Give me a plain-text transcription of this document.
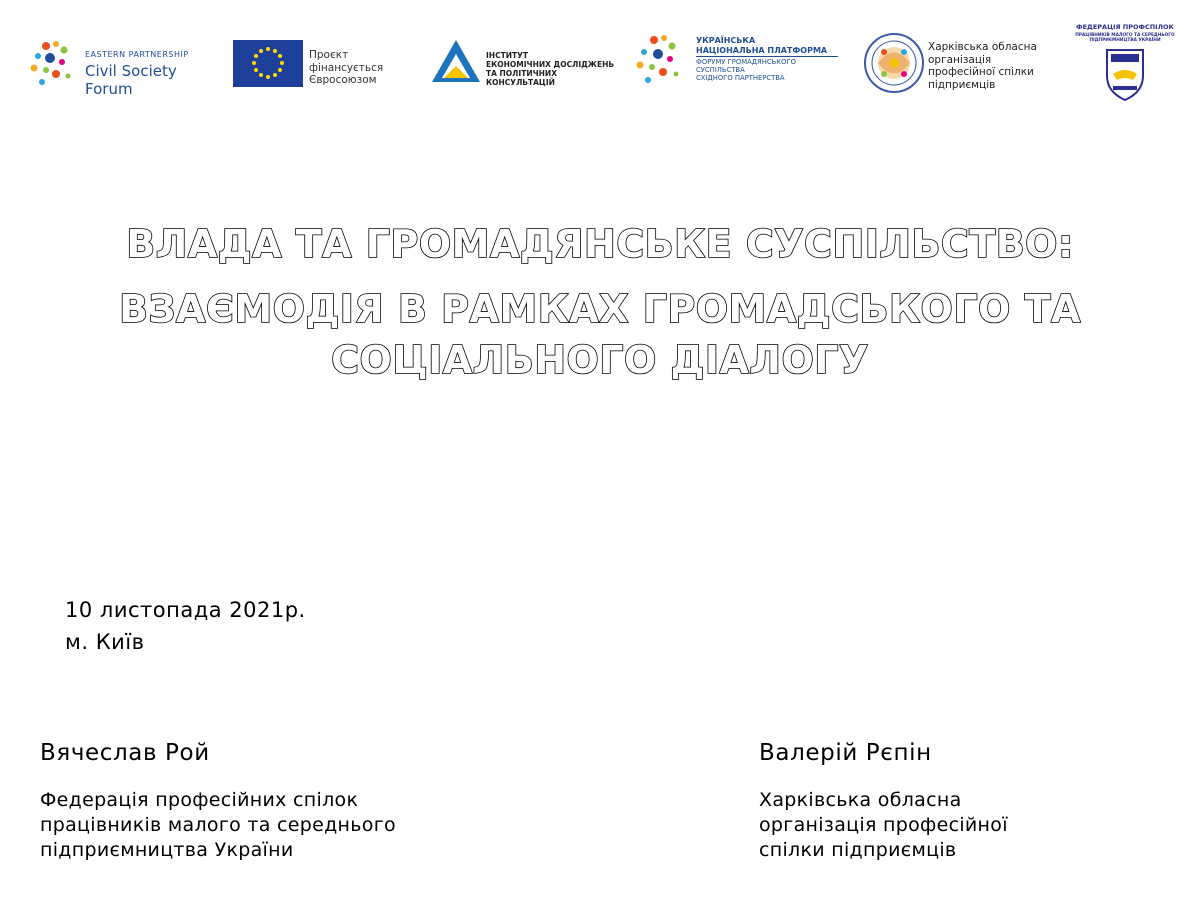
EASTERN PARTNERSHIP
Civil Society Forum
Проєкт фінансується
Євросоюзом
ІНСТИТУТ
ЕКОНОМІЧНИХ ДОСЛІДЖЕНЬ
ТА ПОЛІТИЧНИХ КОНСУЛЬТАЦІЙ
УКРАЇНСЬКА
НАЦІОНАЛЬНА ПЛАТФОРМА
ФОРУМУ ГРОМАДЯНСЬКОГО СУСПІЛЬСТВА
СХІДНОГО ПАРТНЕРСТВА
Харківська обласна організація
професійної спілки
підприємців
ФЕДЕРАЦІЯ ПРОФСПІЛОК
ПРАЦІВНИКІВ МАЛОГО ТА СЕРЕДНЬОГО ПІДПРИЄМНИЦТВА УКРАЇНИ
ВЛАДА ТА ГРОМАДЯНСЬКЕ СУСПІЛЬСТВО:
ВЗАЄМОДІЯ В РАМКАХ ГРОМАДСЬКОГО ТА
СОЦІАЛЬНОГО ДІАЛОГУ
10 листопада 2021р.
м. Київ
Вячеслав Рой
Федерація професійних спілок
працівників малого та середнього
підприємництва України
Валерій Рєпін
Харківська обласна
організація професійної
спілки підприємців
